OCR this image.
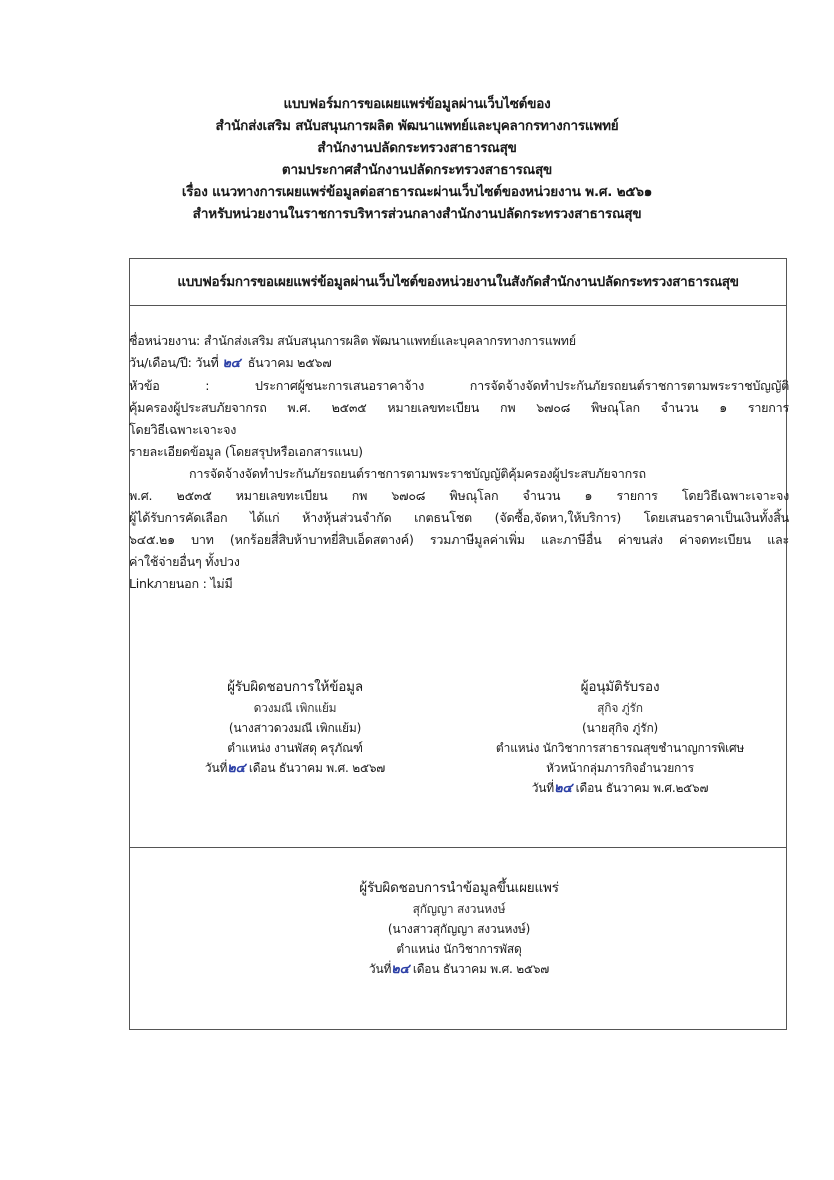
แบบฟอร์มการขอเผยแพร่ข้อมูลผ่านเว็บไซต์ของ
สำนักส่งเสริม สนับสนุนการผลิต พัฒนาแพทย์และบุคลากรทางการแพทย์
สำนักงานปลัดกระทรวงสาธารณสุข
ตามประกาศสำนักงานปลัดกระทรวงสาธารณสุข
เรื่อง แนวทางการเผยแพร่ข้อมูลต่อสาธารณะผ่านเว็บไซต์ของหน่วยงาน พ.ศ. ๒๕๖๑
สำหรับหน่วยงานในราชการบริหารส่วนกลางสำนักงานปลัดกระทรวงสาธารณสุข
แบบฟอร์มการขอเผยแพร่ข้อมูลผ่านเว็บไซต์ของหน่วยงานในสังกัดสำนักงานปลัดกระทรวงสาธารณสุข
ชื่อหน่วยงาน: สำนักส่งเสริม สนับสนุนการผลิต พัฒนาแพทย์และบุคลากรทางการแพทย์
วัน/เดือน/ปี: วันที่ ๒๔ ธันวาคม ๒๕๖๗
หัวข้อ : ประกาศผู้ชนะการเสนอราคาจ้าง การจัดจ้างจัดทำประกันภัยรถยนต์ราชการตามพระราชบัญญัติ
คุ้มครองผู้ประสบภัยจากรถ พ.ศ. ๒๕๓๕ หมายเลขทะเบียน กพ ๖๗๐๘ พิษณุโลก จำนวน ๑ รายการ
โดยวิธีเฉพาะเจาะจง
รายละเอียดข้อมูล (โดยสรุปหรือเอกสารแนบ)
การจัดจ้างจัดทำประกันภัยรถยนต์ราชการตามพระราชบัญญัติคุ้มครองผู้ประสบภัยจากรถ
พ.ศ. ๒๕๓๕ หมายเลขทะเบียน กพ ๖๗๐๘ พิษณุโลก จำนวน ๑ รายการ โดยวิธีเฉพาะเจาะจง
ผู้ได้รับการคัดเลือก ได้แก่ ห้างหุ้นส่วนจำกัด เกตธนโชต (จัดซื้อ,จัดหา,ให้บริการ) โดยเสนอราคาเป็นเงินทั้งสิ้น
๖๔๕.๒๑ บาท (หกร้อยสี่สิบห้าบาทยี่สิบเอ็ดสตางค์) รวมภาษีมูลค่าเพิ่ม และภาษีอื่น ค่าขนส่ง ค่าจดทะเบียน และ
ค่าใช้จ่ายอื่นๆ ทั้งปวง
Linkภายนอก : ไม่มี
ผู้รับผิดชอบการให้ข้อมูล
ดวงมณี เพิกแย้ม
(นางสาวดวงมณี เพิกแย้ม)
ตำแหน่ง งานพัสดุ ครุภัณฑ์
วันที่๒๔ เดือน ธันวาคม พ.ศ. ๒๕๖๗
ผู้อนุมัติรับรอง
สุกิจ ภู่รัก
(นายสุกิจ ภู่รัก)
ตำแหน่ง นักวิชาการสาธารณสุขชำนาญการพิเศษ
หัวหน้ากลุ่มภารกิจอำนวยการ
วันที่๒๔ เดือน ธันวาคม พ.ศ.๒๕๖๗
ผู้รับผิดชอบการนำข้อมูลขึ้นเผยแพร่
สุกัญญา สงวนหงษ์
(นางสาวสุกัญญา สงวนหงษ์)
ตำแหน่ง นักวิชาการพัสดุ
วันที่๒๔ เดือน ธันวาคม พ.ศ. ๒๕๖๗
